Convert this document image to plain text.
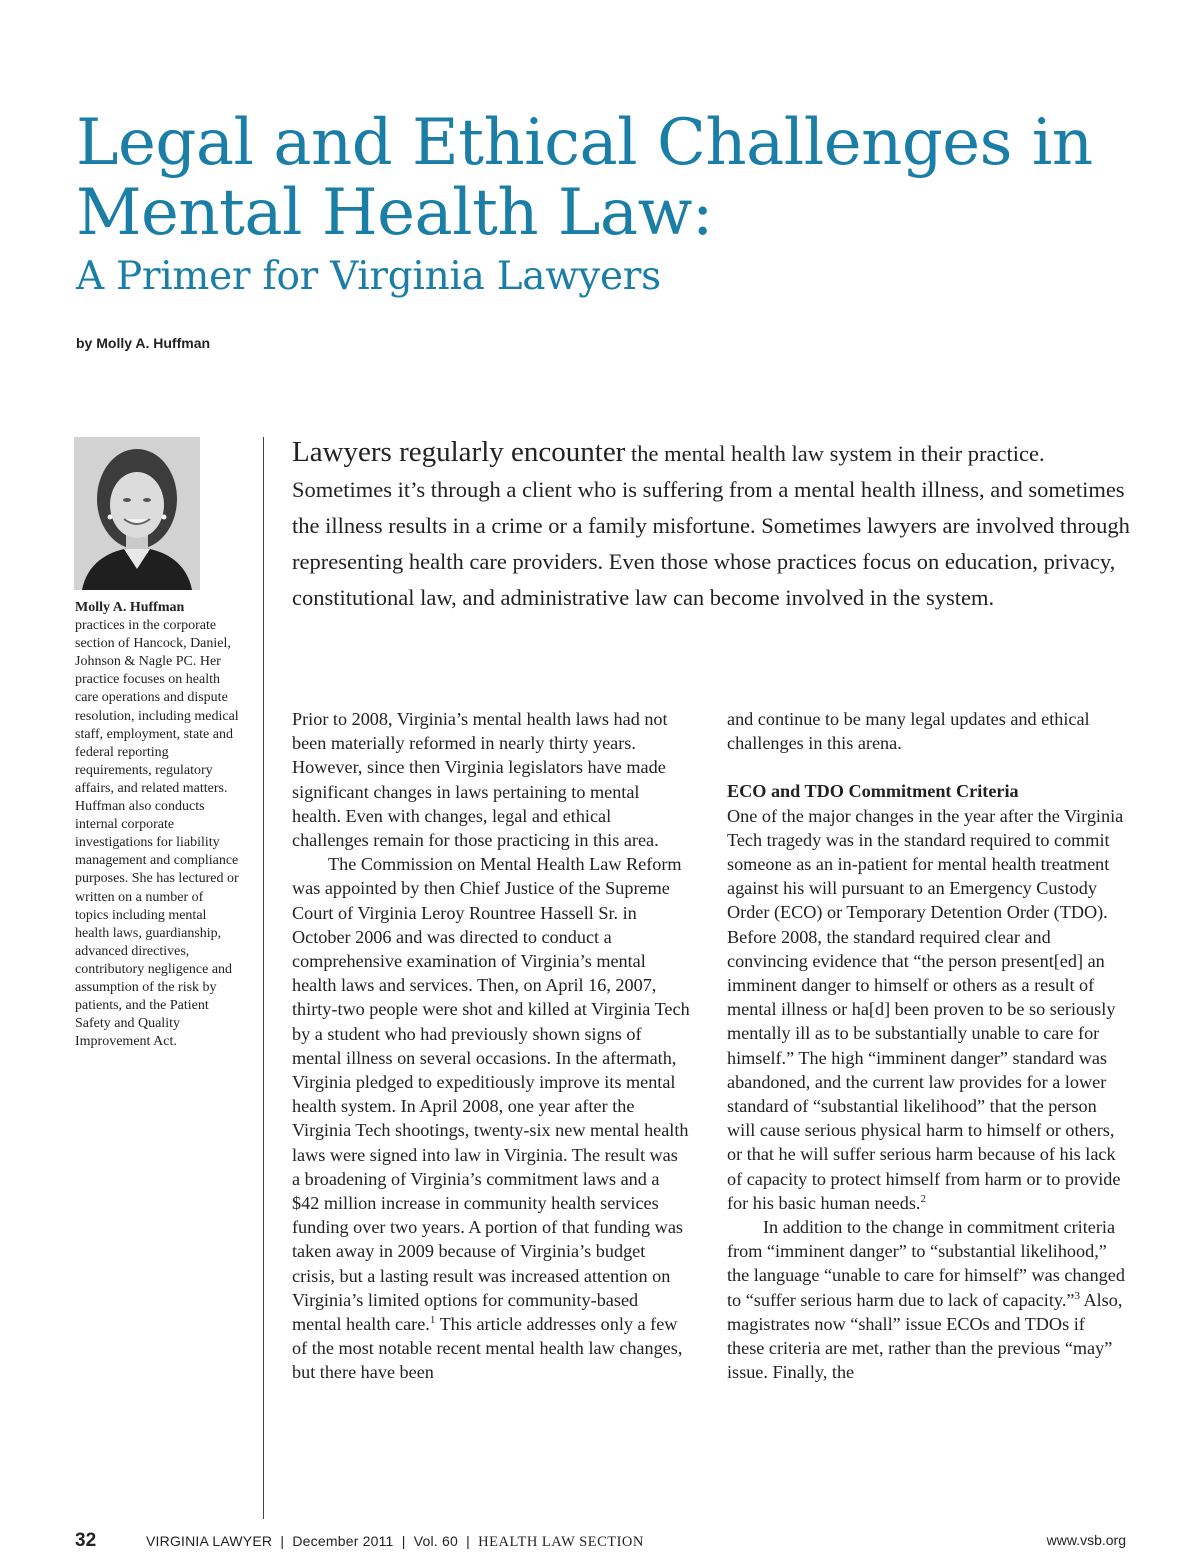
Legal and Ethical Challenges in
Mental Health Law:
A Primer for Virginia Lawyers
by Molly A. Huffman
Molly A. Huffman
practices in the corporate section of Hancock, Daniel, Johnson & Nagle PC. Her practice focuses on health care operations and dispute resolution, including medical staff, employment, state and federal reporting requirements, regulatory affairs, and related matters. Huffman also conducts internal corporate investigations for liability management and compliance purposes. She has lectured or written on a number of topics including mental health laws, guardianship, advanced directives, contributory negligence and assumption of the risk by patients, and the Patient Safety and Quality Improvement Act.
Lawyers regularly encounter the mental health law system in their practice. Sometimes it’s through a client who is suffering from a mental health illness, and sometimes the illness results in a crime or a family misfortune. Sometimes lawyers are involved through representing health care providers. Even those whose practices focus on education, privacy, constitutional law, and administrative law can become involved in the system.

Prior to 2008, Virginia’s mental health laws had not been materially reformed in nearly thirty years. However, since then Virginia legislators have made significant changes in laws pertaining to mental health. Even with changes, legal and ethical challenges remain for those practicing in this area.

The Commission on Mental Health Law Reform was appointed by then Chief Justice of the Supreme Court of Virginia Leroy Rountree Hassell Sr. in October 2006 and was directed to conduct a comprehensive examination of Virginia’s mental health laws and services. Then, on April 16, 2007, thirty-two people were shot and killed at Virginia Tech by a student who had previously shown signs of mental illness on several occasions. In the aftermath, Virginia pledged to expeditiously improve its mental health system. In April 2008, one year after the Virginia Tech shootings, twenty-six new mental health laws were signed into law in Virginia. The result was a broadening of Virginia’s commitment laws and a $42 million increase in community health services funding over two years. A portion of that funding was taken away in 2009 because of Virginia’s budget crisis, but a lasting result was increased attention on Virginia’s limited options for community-based mental health care.$^1$ This article addresses only a few of the most notable recent mental health law changes, but there have been

and continue to be many legal updates and ethical challenges in this arena.

ECO and TDO Commitment Criteria

One of the major changes in the year after the Virginia Tech tragedy was in the standard required to commit someone as an in-patient for mental health treatment against his will pursuant to an Emergency Custody Order (ECO) or Temporary Detention Order (TDO). Before 2008, the standard required clear and convincing evidence that “the person present[ed] an imminent danger to himself or others as a result of mental illness or ha[d] been proven to be so seriously mentally ill as to be substantially unable to care for himself.” The high “imminent danger” standard was abandoned, and the current law provides for a lower standard of “substantial likelihood” that the person will cause serious physical harm to himself or others, or that he will suffer serious harm because of his lack of capacity to protect himself from harm or to provide for his basic human needs.$^2$

In addition to the change in commitment criteria from “imminent danger” to “substantial likelihood,” the language “unable to care for himself” was changed to “suffer serious harm due to lack of capacity.”$^3$ Also, magistrates now “shall” issue ECOs and TDOs if these criteria are met, rather than the previous “may” issue. Finally, the

32	VIRGINIA LAWYER  |  December 2011  |  Vol. 60  |  HEALTH LAW SECTION	www.vsb.org
